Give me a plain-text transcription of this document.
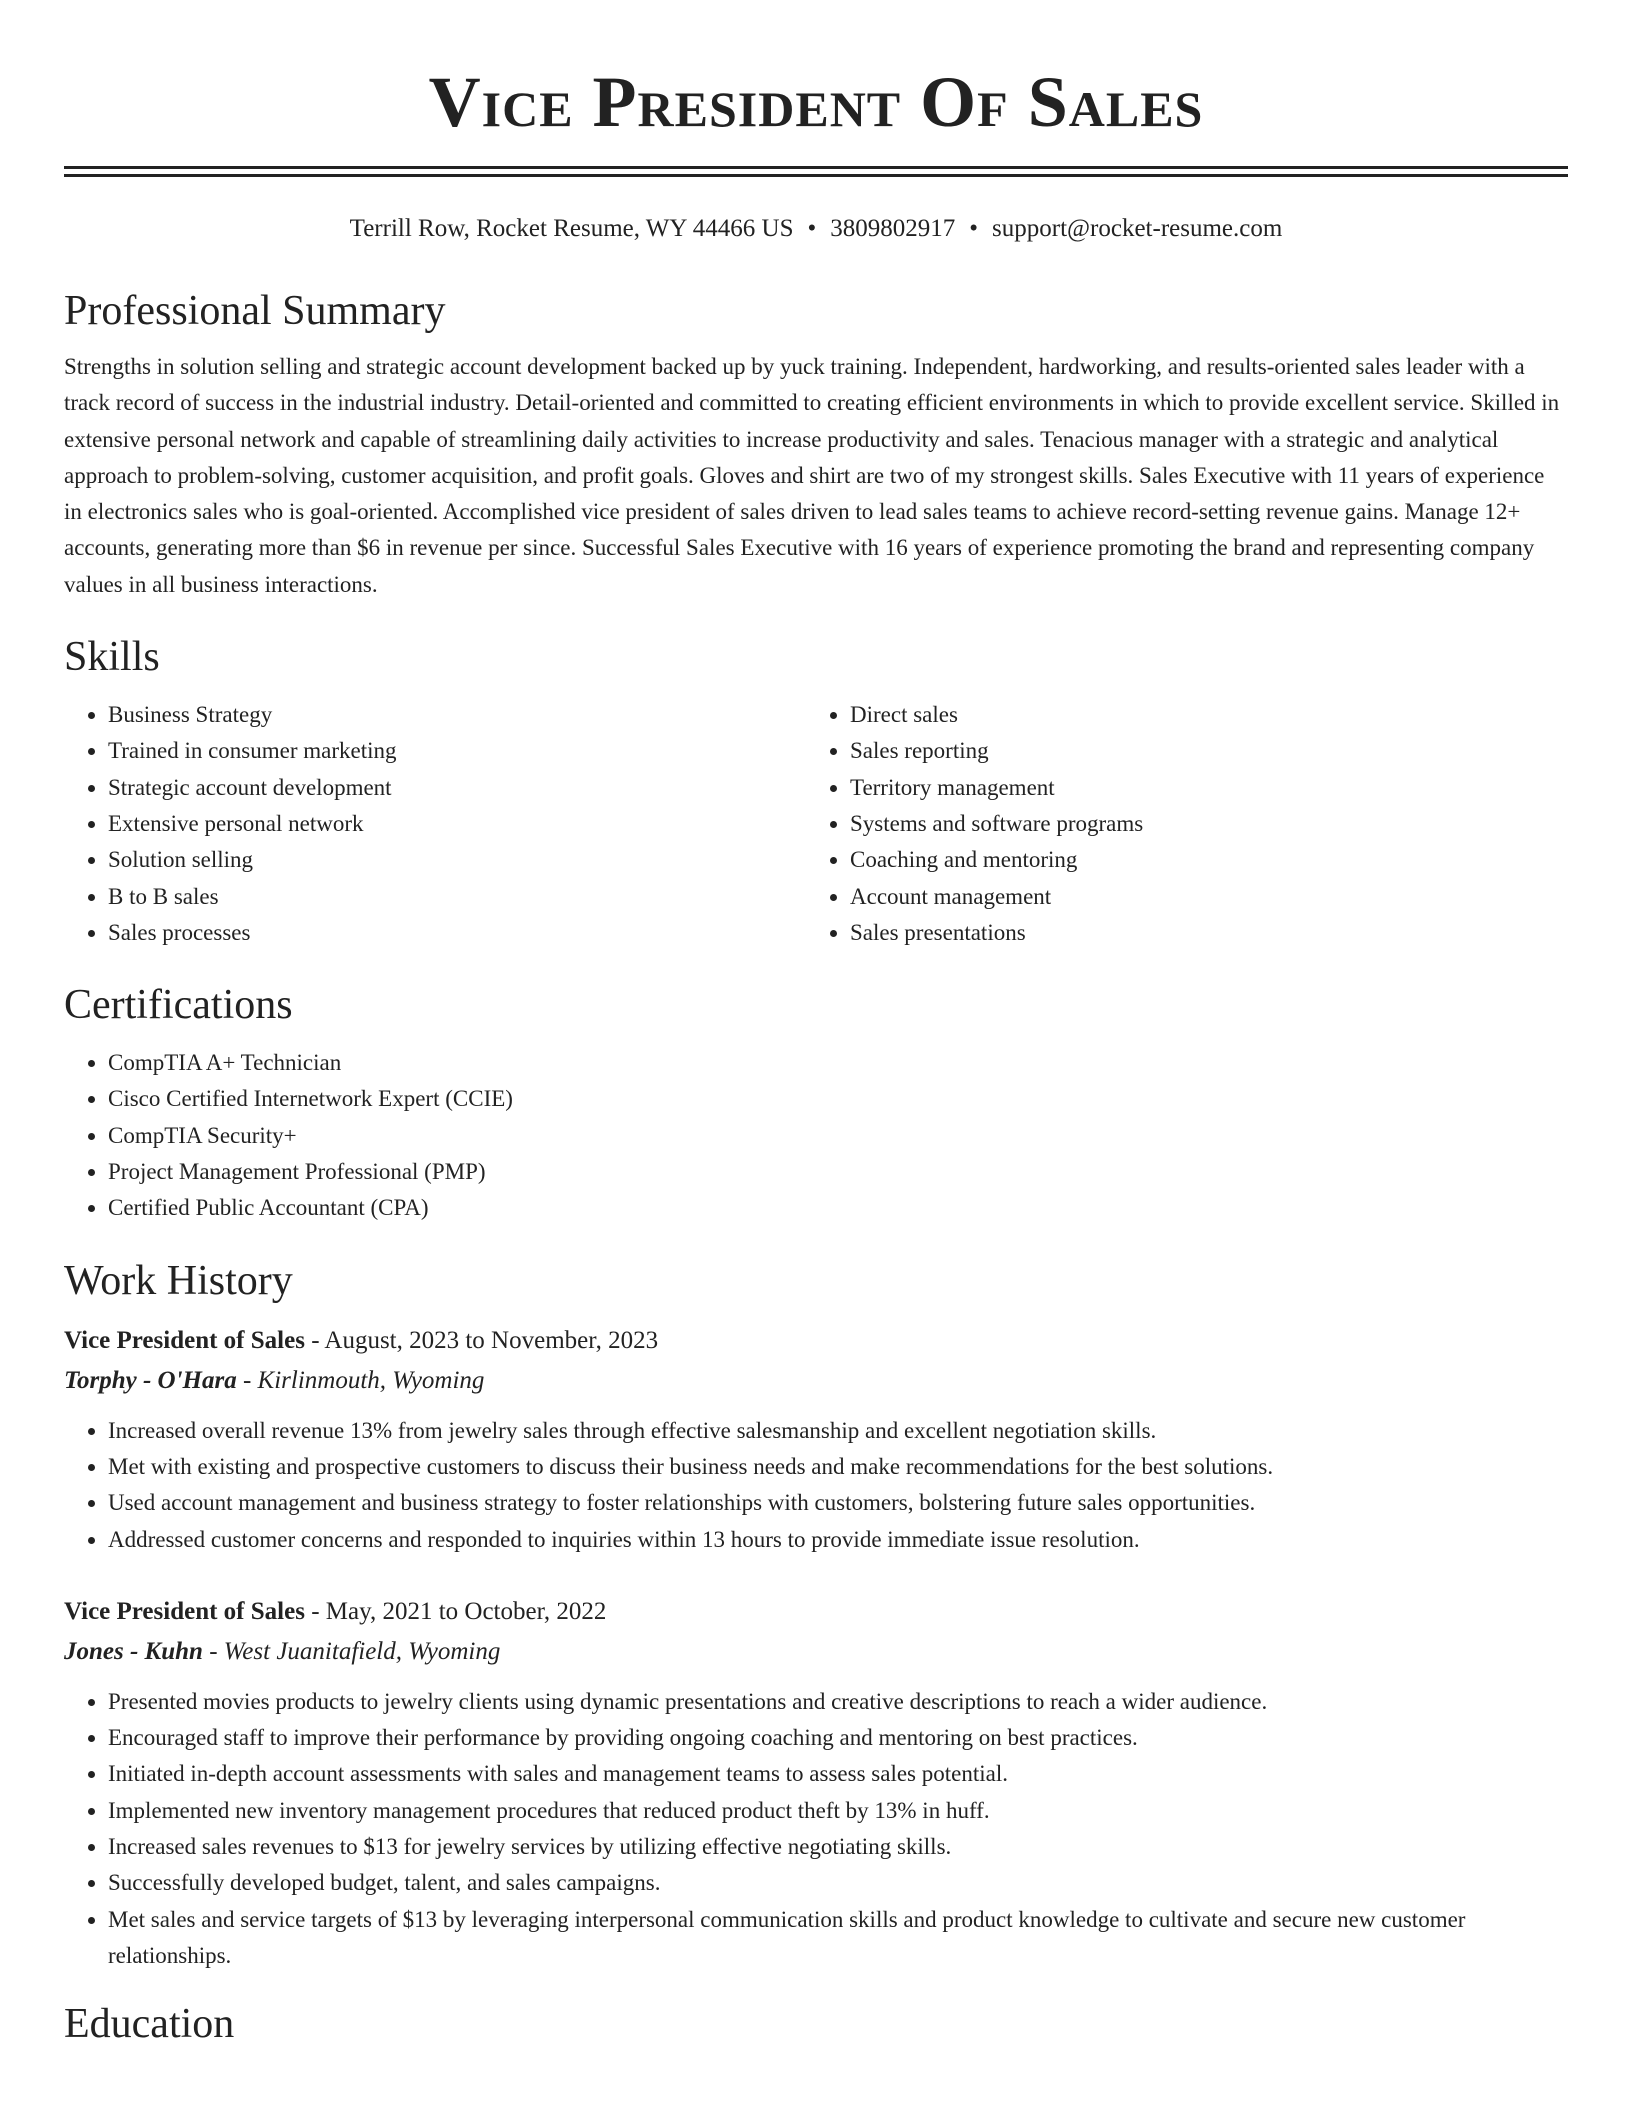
Vice President Of Sales
Terrill Row, Rocket Resume, WY 44466 US • 3809802917 • support@rocket-resume.com
Professional Summary

Strengths in solution selling and strategic account development backed up by yuck training. Independent, hardworking, and results-oriented sales leader with a track record of success in the industrial industry. Detail-oriented and committed to creating efficient environments in which to provide excellent service. Skilled in extensive personal network and capable of streamlining daily activities to increase productivity and sales. Tenacious manager with a strategic and analytical approach to problem-solving, customer acquisition, and profit goals. Gloves and shirt are two of my strongest skills. Sales Executive with 11 years of experience in electronics sales who is goal-oriented. Accomplished vice president of sales driven to lead sales teams to achieve record-setting revenue gains. Manage 12+ accounts, generating more than $6 in revenue per since. Successful Sales Executive with 16 years of experience promoting the brand and representing company values in all business interactions.

Skills
• Business Strategy
• Trained in consumer marketing
• Strategic account development
• Extensive personal network
• Solution selling
• B to B sales
• Sales processes
• Direct sales
• Sales reporting
• Territory management
• Systems and software programs
• Coaching and mentoring
• Account management
• Sales presentations
Certifications
• CompTIA A+ Technician
• Cisco Certified Internetwork Expert (CCIE)
• CompTIA Security+
• Project Management Professional (PMP)
• Certified Public Accountant (CPA)
Work History
Vice President of Sales - August, 2023 to November, 2023
Torphy - O'Hara - Kirlinmouth, Wyoming
• Increased overall revenue 13% from jewelry sales through effective salesmanship and excellent negotiation skills.
• Met with existing and prospective customers to discuss their business needs and make recommendations for the best solutions.
• Used account management and business strategy to foster relationships with customers, bolstering future sales opportunities.
• Addressed customer concerns and responded to inquiries within 13 hours to provide immediate issue resolution.
Vice President of Sales - May, 2021 to October, 2022
Jones - Kuhn - West Juanitafield, Wyoming
• Presented movies products to jewelry clients using dynamic presentations and creative descriptions to reach a wider audience.
• Encouraged staff to improve their performance by providing ongoing coaching and mentoring on best practices.
• Initiated in-depth account assessments with sales and management teams to assess sales potential.
• Implemented new inventory management procedures that reduced product theft by 13% in huff.
• Increased sales revenues to $13 for jewelry services by utilizing effective negotiating skills.
• Successfully developed budget, talent, and sales campaigns.
• Met sales and service targets of $13 by leveraging interpersonal communication skills and product knowledge to cultivate and secure new customer relationships.
Education
